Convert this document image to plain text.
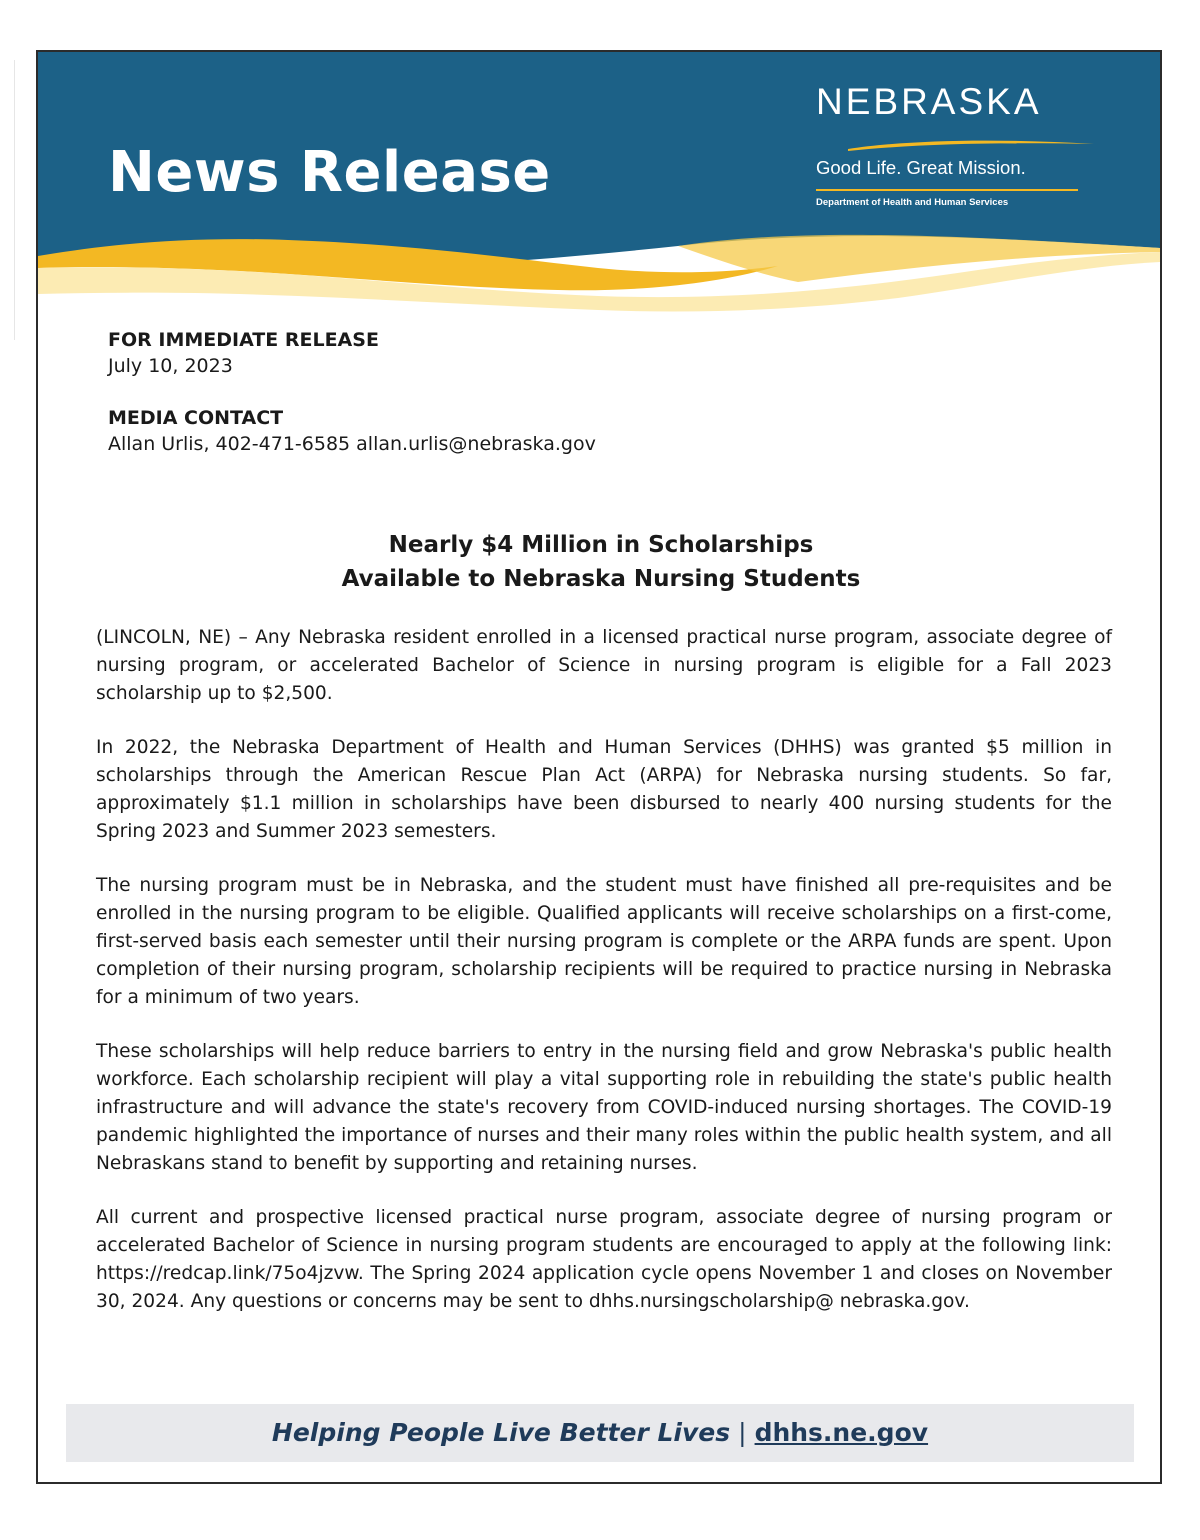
News Release
NEBRASKA
Good Life. Great Mission.
Department of Health and Human Services
FOR IMMEDIATE RELEASE
July 10, 2023
MEDIA CONTACT
Allan Urlis, 402-471-6585 allan.urlis@nebraska.gov
Nearly $4 Million in Scholarships
Available to Nebraska Nursing Students

(LINCOLN, NE) – Any Nebraska resident enrolled in a licensed practical nurse program, associate degree of nursing program, or accelerated Bachelor of Science in nursing program is eligible for a Fall 2023 scholarship up to $2,500.

In 2022, the Nebraska Department of Health and Human Services (DHHS) was granted $5 million in scholarships through the American Rescue Plan Act (ARPA) for Nebraska nursing students. So far, approximately $1.1 million in scholarships have been disbursed to nearly 400 nursing students for the Spring 2023 and Summer 2023 semesters.

The nursing program must be in Nebraska, and the student must have finished all pre-requisites and be enrolled in the nursing program to be eligible. Qualified applicants will receive scholarships on a first-come, first-served basis each semester until their nursing program is complete or the ARPA funds are spent. Upon completion of their nursing program, scholarship recipients will be required to practice nursing in Nebraska for a minimum of two years.

These scholarships will help reduce barriers to entry in the nursing field and grow Nebraska's public health workforce. Each scholarship recipient will play a vital supporting role in rebuilding the state's public health infrastructure and will advance the state's recovery from COVID-induced nursing shortages. The COVID-19 pandemic highlighted the importance of nurses and their many roles within the public health system, and all Nebraskans stand to benefit by supporting and retaining nurses.

All current and prospective licensed practical nurse program, associate degree of nursing program or accelerated Bachelor of Science in nursing program students are encouraged to apply at the following link: https://redcap.link/75o4jzvw. The Spring 2024 application cycle opens November 1 and closes on November 30, 2024. Any questions or concerns may be sent to dhhs.nursingscholarship@ nebraska.gov.

Helping People Live Better Lives | dhhs.ne.gov
